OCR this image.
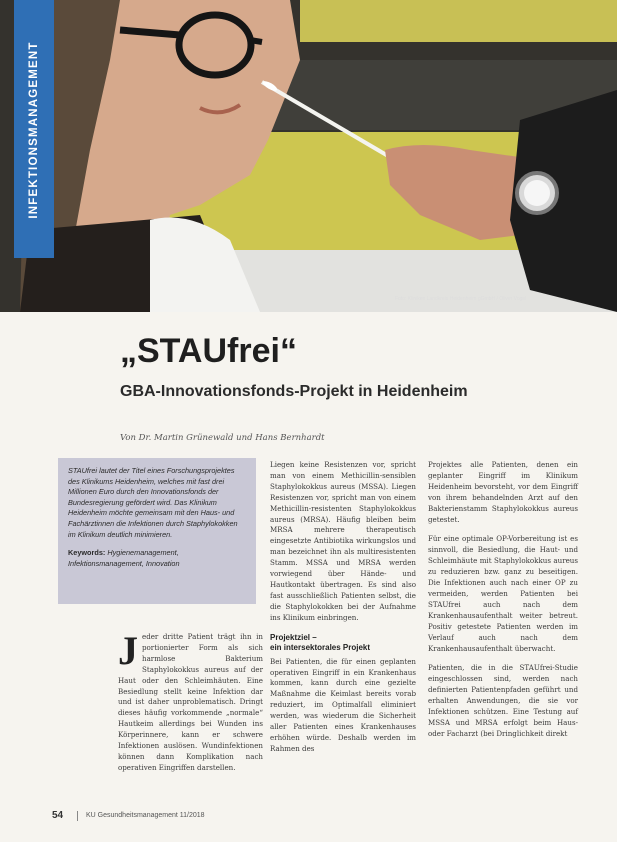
INFEKTIONSMANAGEMENT
Foto: Kliniken Landkreis Heidenheim gGmbH / Oliver Vogel
„STAUfrei“
GBA-Innovationsfonds-Projekt in Heidenheim

Von Dr. Martin Grünewald und Hans Bernhardt

STAUfrei lautet der Titel eines Forschungsprojektes des Klinikums Heidenheim, welches mit fast drei Millionen Euro durch den Innovationsfonds der Bundesregierung gefördert wird. Das Klinikum Heidenheim möchte gemeinsam mit den Haus- und Fachärztinnen die Infektionen durch Staphylokokken im Klinikum deutlich minimieren.

Keywords: Hygienemanagement, Infektionsmanagement, Innovation

Jeder dritte Patient trägt ihn in portionierter Form als sich harmlose Bakterium Staphylokokkus aureus auf der Haut oder den Schleimhäuten. Eine Besiedlung stellt keine Infektion dar und ist daher unproblematisch. Dringt dieses häufig vorkommende „normale“ Hautkeim allerdings bei Wunden ins Körperinnere, kann er schwere Infektionen auslösen. Wundinfektionen können dann Komplikation nach operativen Eingriffen darstellen.

Liegen keine Resistenzen vor, spricht man von einem Methicillin-sensiblen Staphylokokkus aureus (MSSA). Liegen Resistenzen vor, spricht man von einem Methicillin-resistenten Staphylokokkus aureus (MRSA). Häufig bleiben beim MRSA mehrere therapeutisch eingesetzte Antibiotika wirkungslos und man bezeichnet ihn als multiresistenten Stamm. MSSA und MRSA werden vorwiegend über Hände- und Hautkontakt übertragen. Es sind also fast ausschließlich Patienten selbst, die die Staphylokokken bei der Aufnahme ins Klinikum einbringen.

Projektziel –
ein intersektorales Projekt

Bei Patienten, die für einen geplanten operativen Eingriff in ein Krankenhaus kommen, kann durch eine gezielte Maßnahme die Keimlast bereits vorab reduziert, im Optimalfall eliminiert werden, was wiederum die Sicherheit aller Patienten eines Krankenhauses erhöhen würde. Deshalb werden im Rahmen des

Projektes alle Patienten, denen ein geplanter Eingriff im Klinikum Heidenheim bevorsteht, vor dem Eingriff von ihrem behandelnden Arzt auf den Bakterienstamm Staphylokokkus aureus getestet.

Für eine optimale OP-Vorbereitung ist es sinnvoll, die Besiedlung, die Haut- und Schleimhäute mit Staphylokokkus aureus zu reduzieren bzw. ganz zu beseitigen. Die Infektionen auch nach einer OP zu vermeiden, werden Patienten bei STAUfrei auch nach dem Krankenhausaufenthalt weiter betreut. Positiv getestete Patienten werden im Verlauf auch nach dem Krankenhausaufenthalt überwacht.

Patienten, die in die STAUfrei-Studie eingeschlossen sind, werden nach definierten Patientenpfaden geführt und erhalten Anwendungen, die sie vor Infektionen schützen. Eine Testung auf MSSA und MRSA erfolgt beim Haus- oder Facharzt (bei Dringlichkeit direkt

54	KU Gesundheitsmanagement 11/2018
